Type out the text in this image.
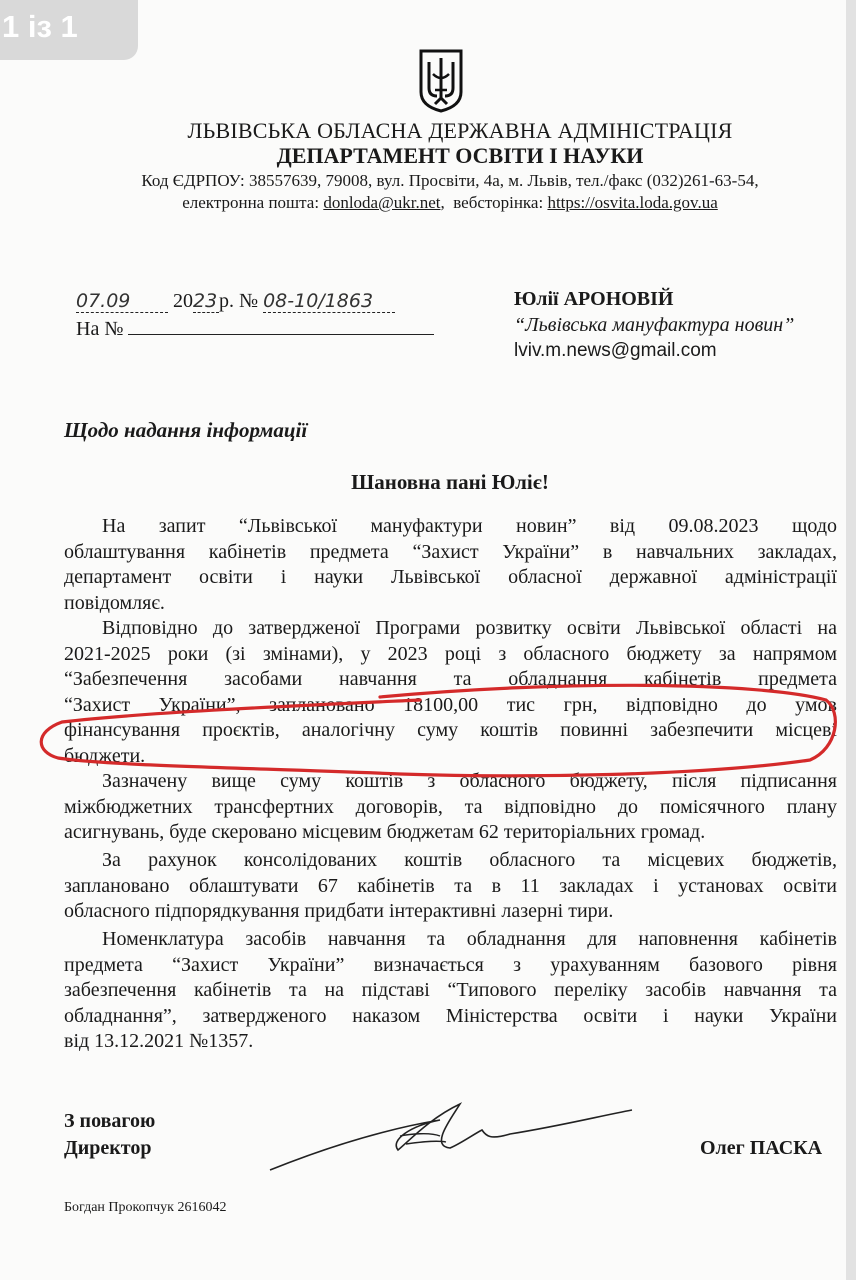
1 із 1
ЛЬВІВСЬКА ОБЛАСНА ДЕРЖАВНА АДМІНІСТРАЦІЯ
ДЕПАРТАМЕНТ ОСВІТИ І НАУКИ
Код ЄДРПОУ: 38557639, 79008, вул. Просвіти, 4а, м. Львів, тел./факс (032)261-63-54,
електронна пошта: donloda@ukr.net,  вебсторінка: https://osvita.loda.gov.ua
07.09 2023р. № 08-10/1863
На №
Юлії АРОНОВІЙ
“Львівська мануфактура новин”
lviv.m.news@gmail.com
Щодо надання інформації
Шановна пані Юліє!
На запит “Львівської мануфактури новин” від 09.08.2023 щодо
облаштування кабінетів предмета “Захист України” в навчальних закладах,
департамент освіти і науки Львівської обласної державної адміністрації
повідомляє.
Відповідно до затвердженої Програми розвитку освіти Львівської області на
2021-2025 роки (зі змінами), у 2023 році з обласного бюджету за напрямом
“Забезпечення засобами навчання та обладнання кабінетів предмета
“Захист України”, заплановано 18100,00 тис грн, відповідно до умов
фінансування проєктів, аналогічну суму коштів повинні забезпечити місцеві
бюджети.
Зазначену вище суму коштів з обласного бюджету, після підписання
міжбюджетних трансфертних договорів, та відповідно до помісячного плану
асигнувань, буде скеровано місцевим бюджетам 62 територіальних громад.
За рахунок консолідованих коштів обласного та місцевих бюджетів,
заплановано облаштувати 67 кабінетів та в 11 закладах і установах освіти
обласного підпорядкування придбати інтерактивні лазерні тири.
Номенклатура засобів навчання та обладнання для наповнення кабінетів
предмета “Захист України” визначається з урахуванням базового рівня
забезпечення кабінетів та на підставі “Типового переліку засобів навчання та
обладнання”, затвердженого наказом Міністерства освіти і науки України
від 13.12.2021 №1357.
З повагою
Директор	Олег ПАСКА
Богдан Прокопчук 2616042
